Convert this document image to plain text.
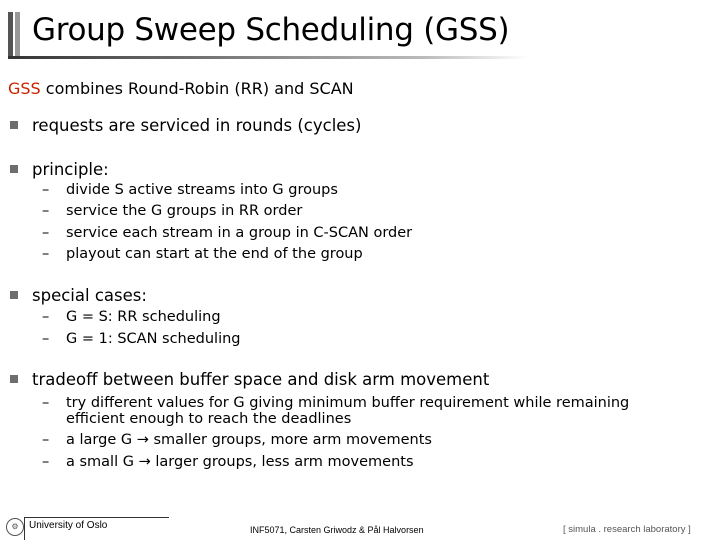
Group Sweep Scheduling (GSS)
GSS combines Round-Robin (RR) and SCAN
requests are serviced in rounds (cycles)
principle:
– divide S active streams into G groups
– service the G groups in RR order
– service each stream in a group in C-SCAN order
– playout can start at the end of the group
special cases:
– G = S: RR scheduling
– G = 1: SCAN scheduling
tradeoff between buffer space and disk arm movement
– try different values for G giving minimum buffer requirement while remaining
efficient enough to reach the deadlines
– a large G → smaller groups, more arm movements
– a small G → larger groups, less arm movements
⚙	University of Oslo	INF5071, Carsten Griwodz & Pål Halvorsen	[ simula . research laboratory ]
